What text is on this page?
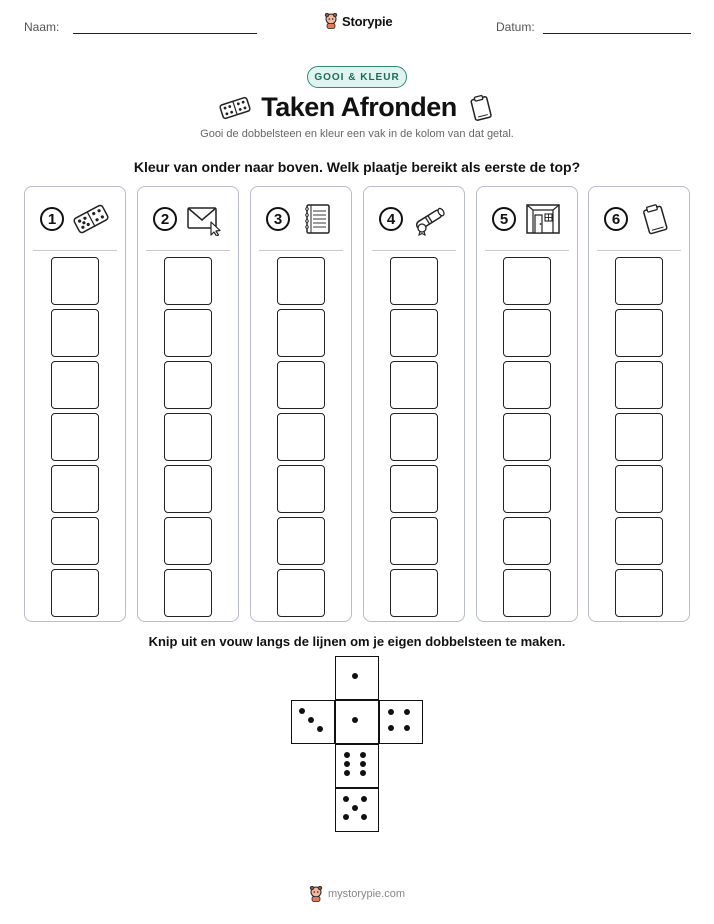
Naam:	Storypie	Datum:
GOOI & KLEUR
Taken Afronden
Gooi de dobbelsteen en kleur een vak in de kolom van dat getal.
Kleur van onder naar boven. Welk plaatje bereikt als eerste de top?
1	2	3	4	5	6
Knip uit en vouw langs de lijnen om je eigen dobbelsteen te maken.
mystorypie.com
